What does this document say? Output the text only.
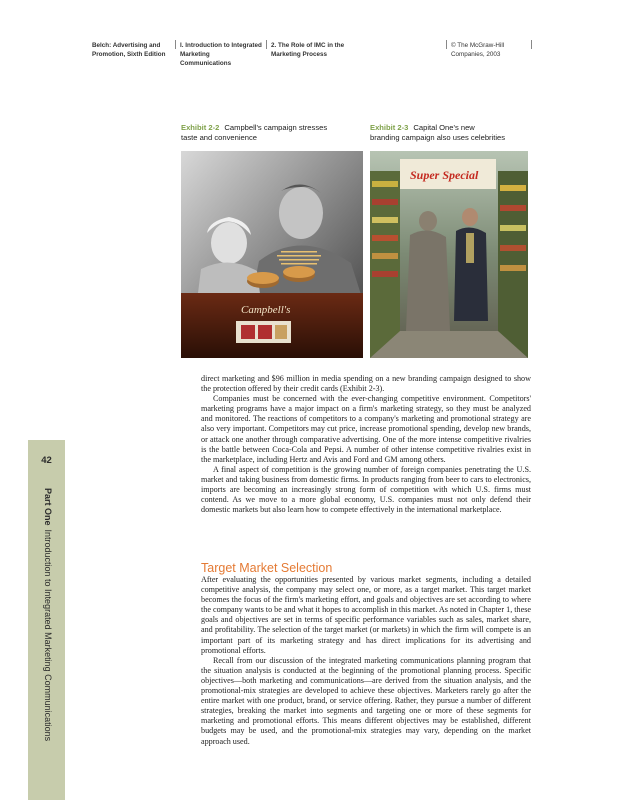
Belch: Advertising and
Promotion, Sixth Edition
I. Introduction to Integrated
Marketing
Communications
2. The Role of IMC in the
Marketing Process
© The McGraw-Hill
Companies, 2003
42
Part OneIntroduction to Integrated Marketing Communications
Exhibit 2-2 Campbell's campaign stresses
taste and convenience
Exhibit 2-3 Capital One's new
branding campaign also uses celebrities
Campbell's
Super Special

direct marketing and $96 million in media spending on a new branding campaign designed to show the protection offered by their credit cards (Exhibit 2-3).

Companies must be concerned with the ever-changing competitive environment. Competitors' marketing programs have a major impact on a firm's marketing strategy, so they must be analyzed and monitored. The reactions of competitors to a company's marketing and promotional strategy are also very important. Competitors may cut price, increase promotional spending, develop new brands, or attack one another through comparative advertising. One of the more intense competitive rivalries is the battle between Coca-Cola and Pepsi. A number of other intense competitive rivalries exist in the marketplace, including Hertz and Avis and Ford and GM among others.

A final aspect of competition is the growing number of foreign companies penetrating the U.S. market and taking business from domestic firms. In products ranging from beer to cars to electronics, imports are becoming an increasingly strong form of competition with which U.S. firms must contend. As we move to a more global economy, U.S. companies must not only defend their domestic markets but also learn how to compete effectively in the international marketplace.

Target Market Selection

After evaluating the opportunities presented by various market segments, including a detailed competitive analysis, the company may select one, or more, as a target market. This target market becomes the focus of the firm's marketing effort, and goals and objectives are set according to where the company wants to be and what it hopes to accomplish in this market. As noted in Chapter 1, these goals and objectives are set in terms of specific performance variables such as sales, market share, and profitability. The selection of the target market (or markets) in which the firm will compete is an important part of its marketing strategy and has direct implications for its advertising and promotional efforts.

Recall from our discussion of the integrated marketing communications planning program that the situation analysis is conducted at the beginning of the promotional planning process. Specific objectives—both marketing and communications—are derived from the situation analysis, and the promotional-mix strategies are developed to achieve these objectives. Marketers rarely go after the entire market with one product, brand, or service offering. Rather, they pursue a number of different strategies, breaking the market into segments and targeting one or more of these segments for marketing and promotional efforts. This means different objectives may be established, different budgets may be used, and the promotional-mix strategies may vary, depending on the market approach used.
